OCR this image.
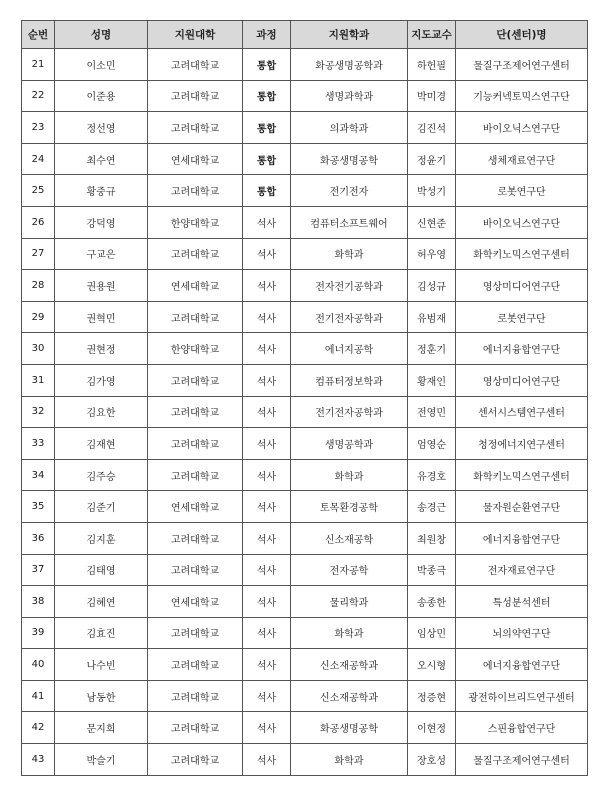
순번	성명	지원대학	과정	지원학과	지도교수	단(센터)명
21	이소민	고려대학교	통합	화공생명공학과	하헌필	물질구조제어연구센터
22	이준용	고려대학교	통합	생명과학과	박미경	기능커넥토믹스연구단
23	정선영	고려대학교	통합	의과학과	김진석	바이오닉스연구단
24	최수연	연세대학교	통합	화공생명공학	정윤기	생체재료연구단
25	황중규	고려대학교	통합	전기전자	박성기	로봇연구단
26	강덕영	한양대학교	석사	컴퓨터소프트웨어	신현준	바이오닉스연구단
27	구교은	고려대학교	석사	화학과	허우영	화학키노믹스연구센터
28	권용원	연세대학교	석사	전자전기공학과	김성규	영상미디어연구단
29	권혁민	고려대학교	석사	전기전자공학과	유범재	로봇연구단
30	권현정	한양대학교	석사	에너지공학	정훈기	에너지융합연구단
31	김가영	고려대학교	석사	컴퓨터정보학과	황재인	영상미디어연구단
32	김요한	고려대학교	석사	전기전자공학과	전영민	센서시스템연구센터
33	김재현	고려대학교	석사	생명공학과	엄영순	청정에너지연구센터
34	김주승	고려대학교	석사	화학과	유경호	화학키노믹스연구센터
35	김준기	연세대학교	석사	토목환경공학	송경근	물자원순환연구단
36	김지훈	고려대학교	석사	신소재공학	최원창	에너지융합연구단
37	김태영	고려대학교	석사	전자공학	박종극	전자재료연구단
38	김혜연	연세대학교	석사	물리학과	송종한	특성분석센터
39	김효진	고려대학교	석사	화학과	임상민	뇌의약연구단
40	나수빈	고려대학교	석사	신소재공학과	오시형	에너지융합연구단
41	남동한	고려대학교	석사	신소재공학과	정증현	광전하이브리드연구센터
42	문지희	고려대학교	석사	화공생명공학	이현정	스핀융합연구단
43	박슬기	고려대학교	석사	화학과	장호성	물질구조제어연구센터
